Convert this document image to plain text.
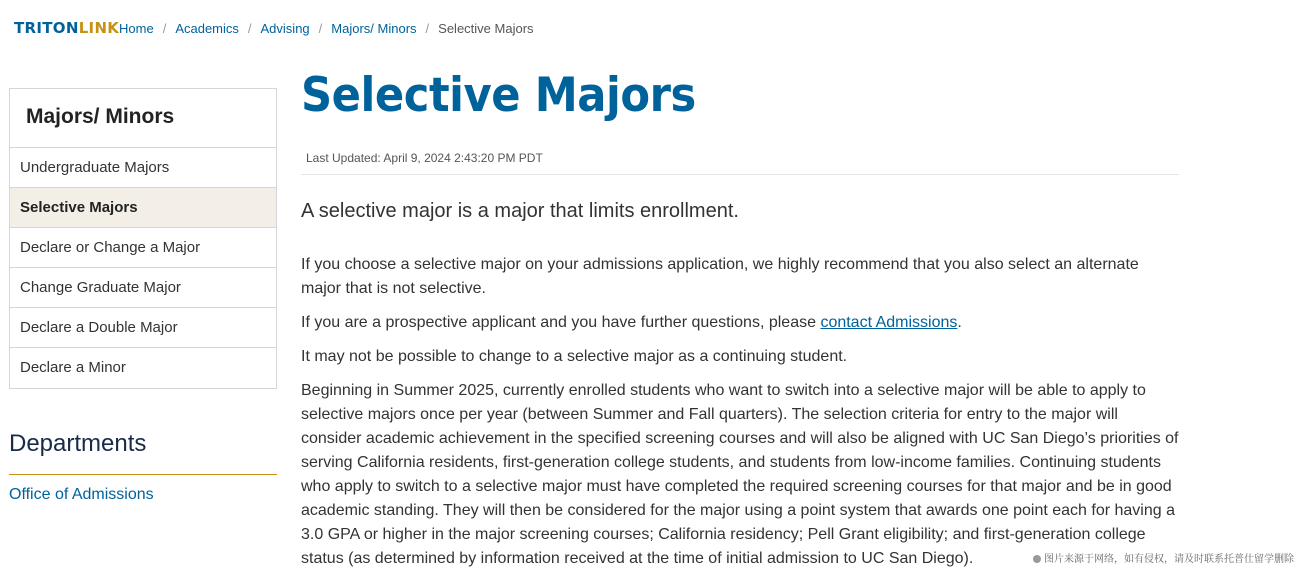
TRITONLINK Home / Academics / Advising / Majors/ Minors / Selective Majors
Majors/ Minors
Undergraduate Majors
Selective Majors
Declare or Change a Major
Change Graduate Major
Declare a Double Major
Declare a Minor
Departments
Office of Admissions
Selective Majors
Last Updated: April 9, 2024 2:43:20 PM PDT
A selective major is a major that limits enrollment.

If you choose a selective major on your admissions application, we highly recommend that you also select an alternate major that is not selective.

If you are a prospective applicant and you have further questions, please contact Admissions.

It may not be possible to change to a selective major as a continuing student.

Beginning in Summer 2025, currently enrolled students who want to switch into a selective major will be able to apply to selective majors once per year (between Summer and Fall quarters). The selection criteria for entry to the major will consider academic achievement in the specified screening courses and will also be aligned with UC San Diego’s priorities of serving California residents, first-generation college students, and students from low-income families. Continuing students who apply to switch to a selective major must have completed the required screening courses for that major and be in good academic standing. They will then be considered for the major using a point system that awards one point each for having a 3.0 GPA or higher in the major screening courses; California residency; Pell Grant eligibility; and first-generation college status (as determined by information received at the time of initial admission to UC San Diego).	图片来源于网络，如有侵权，请及时联系托普仕留学删除
